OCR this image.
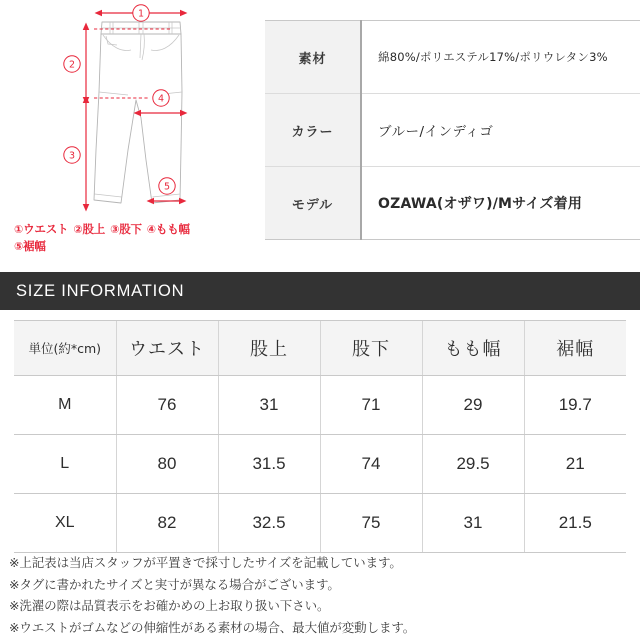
1
2
3
4
5
①ウエスト ②股上 ③股下 ④もも幅
⑤裾幅
素材	綿80%/ポリエステル17%/ポリウレタン3%
カラー	ブルー/インディゴ
モデル	OZAWA(オザワ)/Mサイズ着用
SIZE INFORMATION
単位(約*cm)	ウエスト	股上	股下	もも幅	裾幅
M	76	31	71	29	19.7
L	80	31.5	74	29.5	21
XL	82	32.5	75	31	21.5
※上記表は当店スタッフが平置きで採寸したサイズを記載しています。
※タグに書かれたサイズと実寸が異なる場合がございます。
※洗濯の際は品質表示をお確かめの上お取り扱い下さい。
※ウエストがゴムなどの伸縮性がある素材の場合、最大値が変動します。
